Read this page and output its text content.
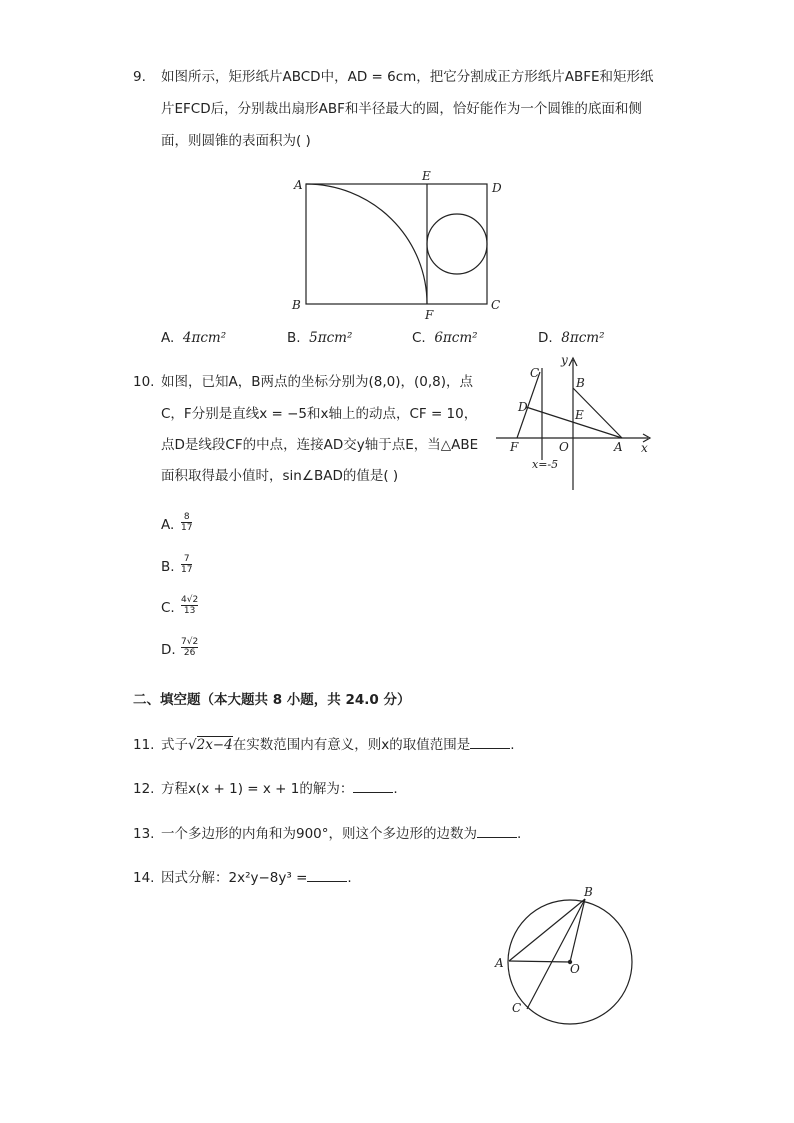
9. 如图所示，矩形纸片ABCD中，AD = 6cm，把它分割成正方形纸片ABFE和矩形纸
片EFCD后，分别裁出扇形ABF和半径最大的圆，恰好能作为一个圆锥的底面和侧
面，则圆锥的表面积为( )
A
E
D
B
F
C
A. 4πcm²	B. 5πcm²	C. 6πcm²	D. 8πcm²
10. 如图，已知A，B两点的坐标分别为(8,0)，(0,8)，点
C，F分别是直线x = −5和x轴上的动点，CF = 10，
点D是线段CF的中点，连接AD交y轴于点E，当△ABE
面积取得最小值时，sin∠BAD的值是( )
y
C
B
D
E
F	O	A x
x=-5
A. 8
17
B. 7
17
C. 4√2
13
D. 7√2
26
二、填空题（本大题共 8 小题，共 24.0 分）
11. 式子√2x−4在实数范围内有意义，则x的取值范围是	.
12. 方程x(x + 1) = x + 1的解为：	.
13. 一个多边形的内角和为900°，则这个多边形的边数为	.
14. 因式分解：2x²y−8y³ =	.
B
A	O
C
